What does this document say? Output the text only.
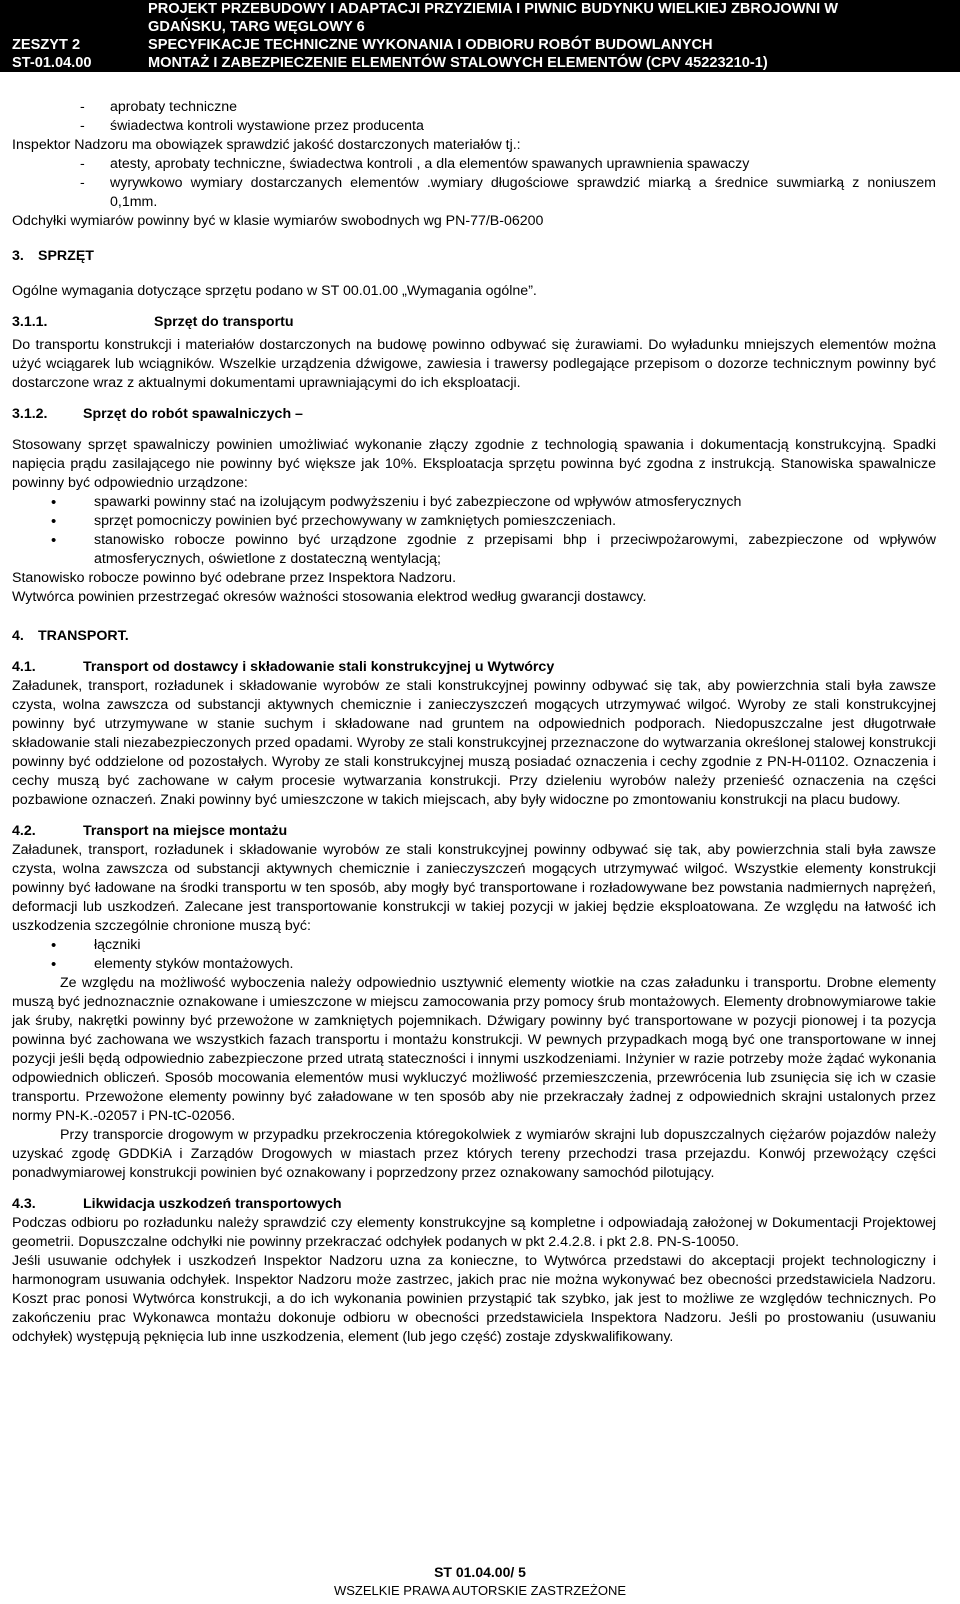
PROJEKT PRZEBUDOWY I ADAPTACJI PRZYZIEMIA I PIWNIC BUDYNKU WIELKIEJ ZBROJOWNI W
GDAŃSKU, TARG WĘGLOWY 6
ZESZYT 2	SPECYFIKACJE TECHNICZNE WYKONANIA I ODBIORU ROBÓT BUDOWLANYCH
ST-01.04.00	MONTAŻ I ZABEZPIECZENIE ELEMENTÓW STALOWYCH ELEMENTÓW (CPV 45223210-1)

- aprobaty techniczne

- świadectwa kontroli wystawione przez producenta

Inspektor Nadzoru ma obowiązek sprawdzić jakość dostarczonych materiałów tj.:

- atesty, aprobaty techniczne, świadectwa kontroli , a dla elementów spawanych uprawnienia spawaczy

- wyrywkowo wymiary dostarczanych elementów .wymiary długościowe sprawdzić miarką a średnice suwmiarką z noniuszem 0,1mm.

Odchyłki wymiarów powinny być w klasie wymiarów swobodnych wg PN-77/B-06200

3. SPRZĘT

Ogólne wymagania dotyczące sprzętu podano w ST 00.01.00 „Wymagania ogólne”.

3.1.1.	Sprzęt do transportu

Do transportu konstrukcji i materiałów dostarczonych na budowę powinno odbywać się żurawiami. Do wyładunku mniejszych elementów można użyć wciągarek lub wciągników. Wszelkie urządzenia dźwigowe, zawiesia i trawersy podlegające przepisom o dozorze technicznym powinny być dostarczone wraz z aktualnymi dokumentami uprawniającymi do ich eksploatacji.

3.1.2.	Sprzęt do robót spawalniczych –

Stosowany sprzęt spawalniczy powinien umożliwiać wykonanie złączy zgodnie z technologią spawania i dokumentacją konstrukcyjną. Spadki napięcia prądu zasilającego nie powinny być większe jak 10%. Eksploatacja sprzętu powinna być zgodna z instrukcją. Stanowiska spawalnicze powinny być odpowiednio urządzone:

• spawarki powinny stać na izolującym podwyższeniu i być zabezpieczone od wpływów atmosferycznych
• sprzęt pomocniczy powinien być przechowywany w zamkniętych pomieszczeniach.
• stanowisko robocze powinno być urządzone zgodnie z przepisami bhp i przeciwpożarowymi, zabezpieczone od wpływów atmosferycznych, oświetlone z dostateczną wentylacją;

Stanowisko robocze powinno być odebrane przez Inspektora Nadzoru.

Wytwórca powinien przestrzegać okresów ważności stosowania elektrod według gwarancji dostawcy.

4. TRANSPORT.

4.1.	Transport od dostawcy i składowanie stali konstrukcyjnej u Wytwórcy

Załadunek, transport, rozładunek i składowanie wyrobów ze stali konstrukcyjnej powinny odbywać się tak, aby powierzchnia stali była zawsze czysta, wolna zawszcza od substancji aktywnych chemicznie i zanieczyszczeń mogących utrzymywać wilgoć. Wyroby ze stali konstrukcyjnej powinny być utrzymywane w stanie suchym i składowane nad gruntem na odpowiednich podporach. Niedopuszczalne jest długotrwałe składowanie stali niezabezpieczonych przed opadami. Wyroby ze stali konstrukcyjnej przeznaczone do wytwarzania określonej stalowej konstrukcji powinny być oddzielone od pozostałych. Wyroby ze stali konstrukcyjnej muszą posiadać oznaczenia i cechy zgodnie z PN-H-01102. Oznaczenia i cechy muszą być zachowane w całym procesie wytwarzania konstrukcji. Przy dzieleniu wyrobów należy przenieść oznaczenia na części pozbawione oznaczeń. Znaki powinny być umieszczone w takich miejscach, aby były widoczne po zmontowaniu konstrukcji na placu budowy.

4.2.	Transport na miejsce montażu

Załadunek, transport, rozładunek i składowanie wyrobów ze stali konstrukcyjnej powinny odbywać się tak, aby powierzchnia stali była zawsze czysta, wolna zawszcza od substancji aktywnych chemicznie i zanieczyszczeń mogących utrzymywać wilgoć. Wszystkie elementy konstrukcji powinny być ładowane na środki transportu w ten sposób, aby mogły być transportowane i rozładowywane bez powstania nadmiernych naprężeń, deformacji lub uszkodzeń. Zalecane jest transportowanie konstrukcji w takiej pozycji w jakiej będzie eksploatowana. Ze względu na łatwość ich uszkodzenia szczególnie chronione muszą być:

• łączniki
• elementy styków montażowych.

Ze względu na możliwość wyboczenia należy odpowiednio usztywnić elementy wiotkie na czas załadunku i transportu. Drobne elementy muszą być jednoznacznie oznakowane i umieszczone w miejscu zamocowania przy pomocy śrub montażowych. Elementy drobnowymiarowe takie jak śruby, nakrętki powinny być przewożone w zamkniętych pojemnikach. Dźwigary powinny być transportowane w pozycji pionowej i ta pozycja powinna być zachowana we wszystkich fazach transportu i montażu konstrukcji. W pewnych przypadkach mogą być one transportowane w innej pozycji jeśli będą odpowiednio zabezpieczone przed utratą stateczności i innymi uszkodzeniami. Inżynier w razie potrzeby może żądać wykonania odpowiednich obliczeń. Sposób mocowania elementów musi wykluczyć możliwość przemieszczenia, przewrócenia lub zsunięcia się ich w czasie transportu. Przewożone elementy powinny być załadowane w ten sposób aby nie przekraczały żadnej z odpowiednich skrajni ustalonych przez normy PN-K.-02057 i PN-tC-02056.

Przy transporcie drogowym w przypadku przekroczenia któregokolwiek z wymiarów skrajni lub dopuszczalnych ciężarów pojazdów należy uzyskać zgodę GDDKiA i Zarządów Drogowych w miastach przez których tereny przechodzi trasa przejazdu. Konwój przewożący części ponadwymiarowej konstrukcji powinien być oznakowany i poprzedzony przez oznakowany samochód pilotujący.

4.3.	Likwidacja uszkodzeń transportowych

Podczas odbioru po rozładunku należy sprawdzić czy elementy konstrukcyjne są kompletne i odpowiadają założonej w Dokumentacji Projektowej geometrii. Dopuszczalne odchyłki nie powinny przekraczać odchyłek podanych w pkt 2.4.2.8. i pkt 2.8. PN-S-10050.

Jeśli usuwanie odchyłek i uszkodzeń Inspektor Nadzoru uzna za konieczne, to Wytwórca przedstawi do akceptacji projekt technologiczny i harmonogram usuwania odchyłek. Inspektor Nadzoru może zastrzec, jakich prac nie można wykonywać bez obecności przedstawiciela Nadzoru. Koszt prac ponosi Wytwórca konstrukcji, a do ich wykonania powinien przystąpić tak szybko, jak jest to możliwe ze względów technicznych. Po zakończeniu prac Wykonawca montażu dokonuje odbioru w obecności przedstawiciela Inspektora Nadzoru. Jeśli po prostowaniu (usuwaniu odchyłek) występują pęknięcia lub inne uszkodzenia, element (lub jego część) zostaje zdyskwalifikowany.

ST 01.04.00/ 5
WSZELKIE PRAWA AUTORSKIE ZASTRZEŻONE
